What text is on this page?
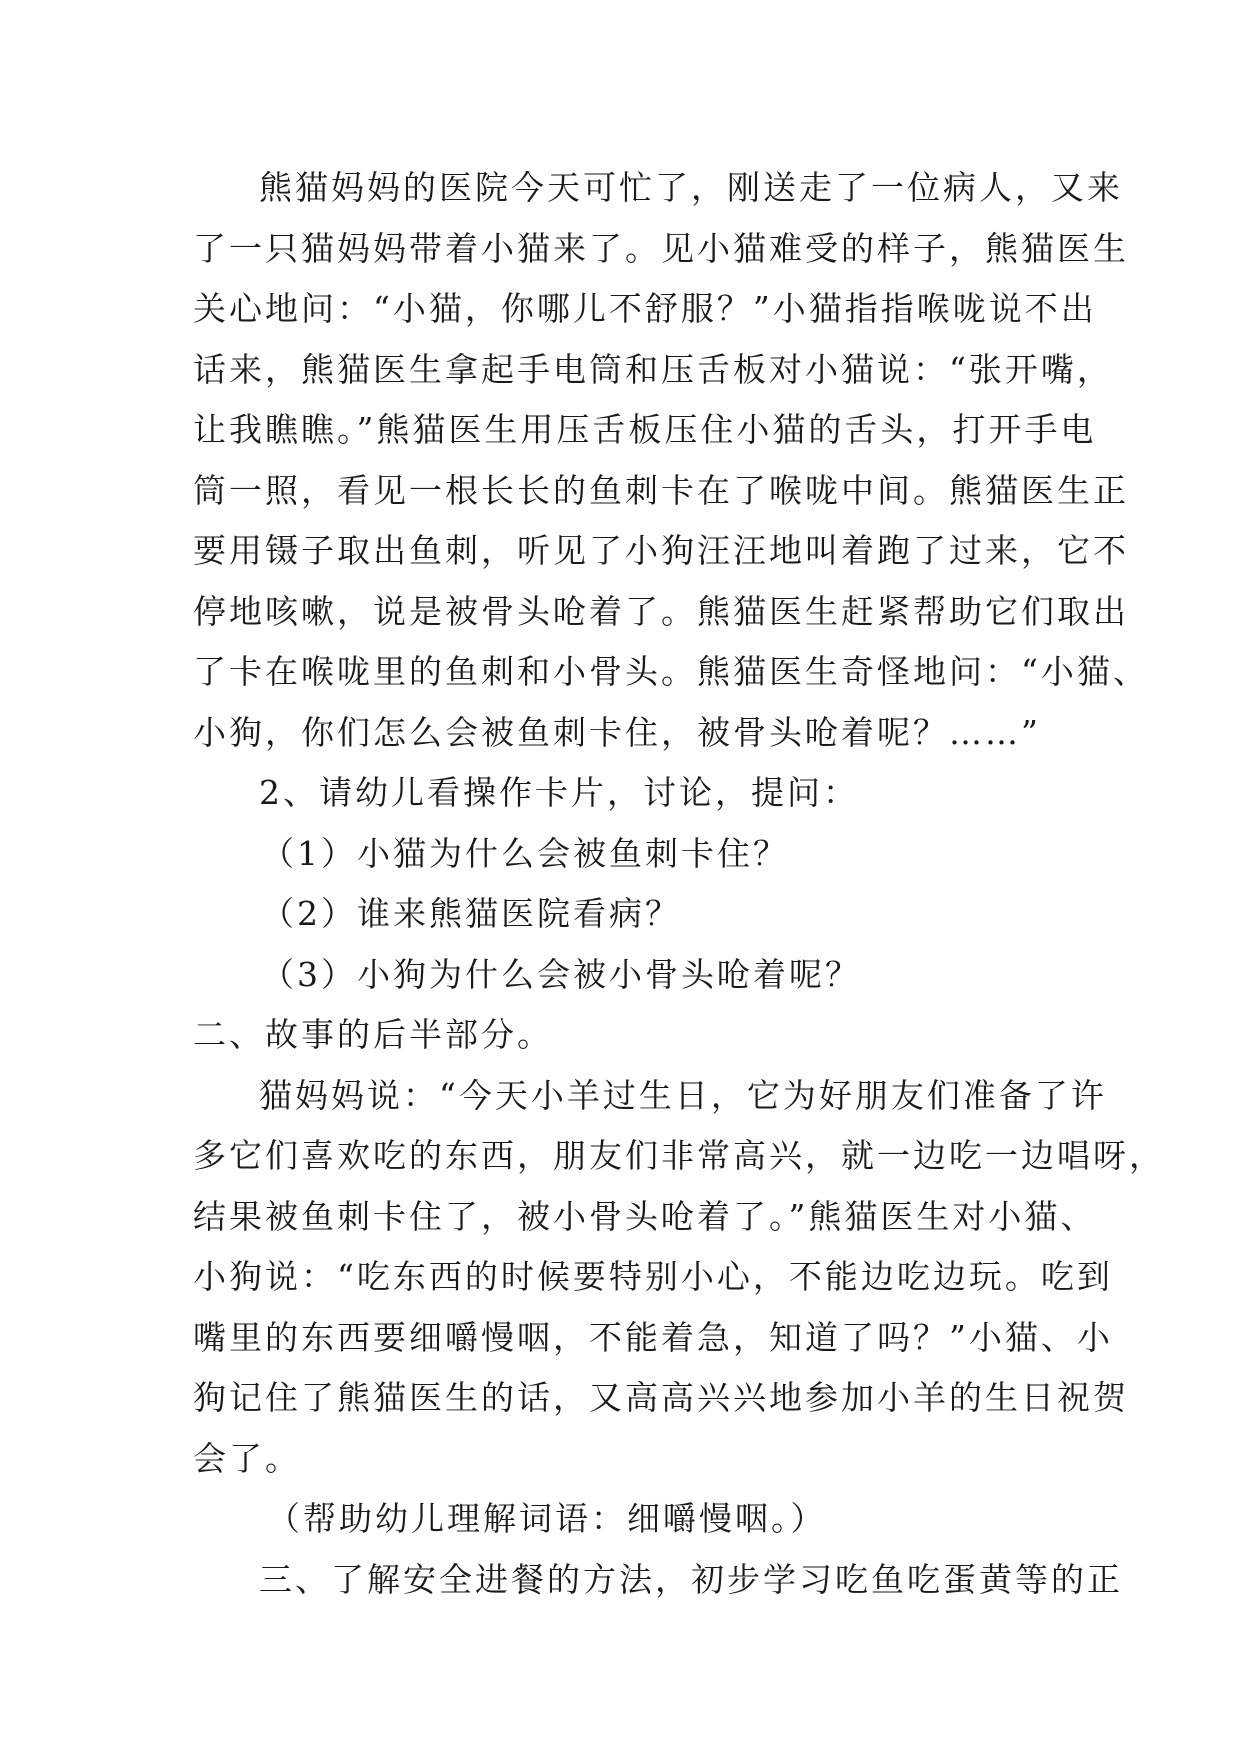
熊猫妈妈的医院今天可忙了，刚送走了一位病人，又来
了一只猫妈妈带着小猫来了。见小猫难受的样子，熊猫医生
关心地问：“小猫，你哪儿不舒服？”小猫指指喉咙说不出
话来，熊猫医生拿起手电筒和压舌板对小猫说：“张开嘴，
让我瞧瞧。”熊猫医生用压舌板压住小猫的舌头，打开手电
筒一照，看见一根长长的鱼刺卡在了喉咙中间。熊猫医生正
要用镊子取出鱼刺，听见了小狗汪汪地叫着跑了过来，它不
停地咳嗽，说是被骨头呛着了。熊猫医生赶紧帮助它们取出
了卡在喉咙里的鱼刺和小骨头。熊猫医生奇怪地问：“小猫、
小狗，你们怎么会被鱼刺卡住，被骨头呛着呢？……”
2、请幼儿看操作卡片，讨论，提问：
（1）小猫为什么会被鱼刺卡住？
（2）谁来熊猫医院看病？
（3）小狗为什么会被小骨头呛着呢？
二、故事的后半部分。
猫妈妈说：“今天小羊过生日，它为好朋友们准备了许
多它们喜欢吃的东西，朋友们非常高兴，就一边吃一边唱呀，
结果被鱼刺卡住了，被小骨头呛着了。”熊猫医生对小猫、
小狗说：“吃东西的时候要特别小心，不能边吃边玩。吃到
嘴里的东西要细嚼慢咽，不能着急，知道了吗？”小猫、小
狗记住了熊猫医生的话，又高高兴兴地参加小羊的生日祝贺
会了。
（帮助幼儿理解词语：细嚼慢咽。）
三、了解安全进餐的方法，初步学习吃鱼吃蛋黄等的正
